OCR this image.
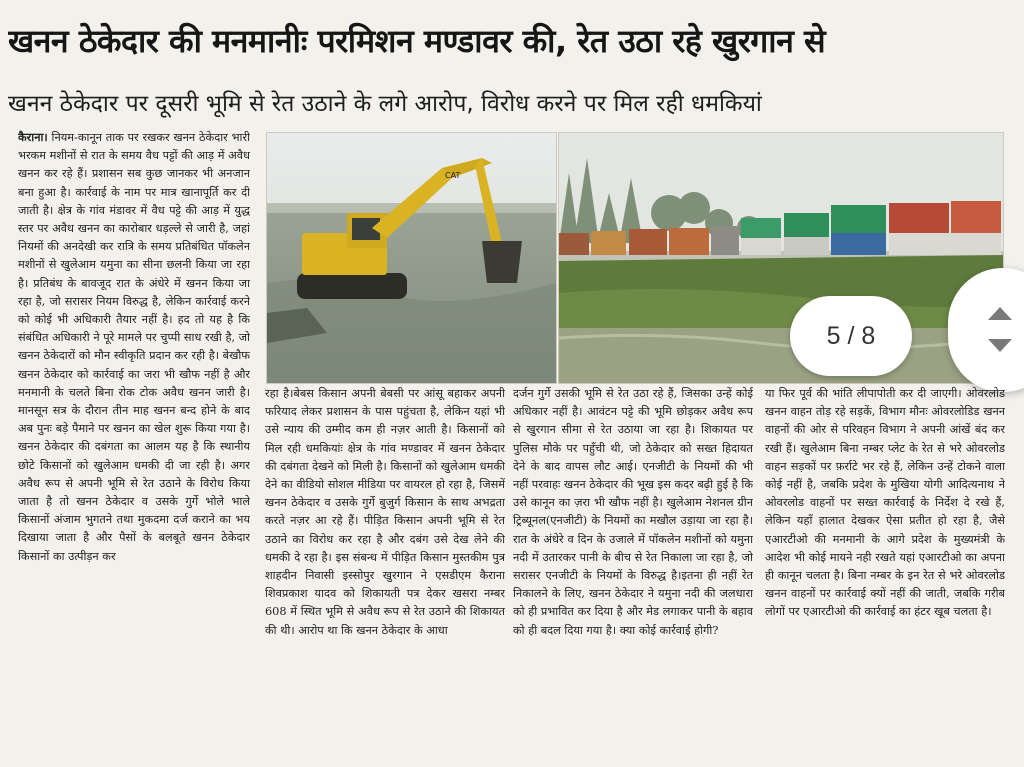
खनन ठेकेदार की मनमानीः परमिशन मण्डावर की, रेत उठा रहे खुरगान से
खनन ठेकेदार पर दूसरी भूमि से रेत उठाने के लगे आरोप, विरोध करने पर मिल रही धमकियां
कैराना। नियम-कानून ताक पर रखकर खनन ठेकेदार भारी भरकम मशीनों से रात के समय वैध पट्टों की आड़ में अवैध खनन कर रहे हैं। प्रशासन सब कुछ जानकर भी अनजान बना हुआ है। कार्रवाई के नाम पर मात्र खानापूर्ति कर दी जाती है। क्षेत्र के गांव मंडावर में वैध पट्टे की आड़ में युद्ध स्तर पर अवैध खनन का कारोबार धड़ल्ले से जारी है, जहां नियमों की अनदेखी कर रात्रि के समय प्रतिबंधित पॉकलेन मशीनों से खुलेआम यमुना का सीना छलनी किया जा रहा है। प्रतिबंध के बावजूद रात के अंधेरे में खनन किया जा रहा है, जो सरासर नियम विरुद्ध है, लेकिन कार्रवाई करने को कोई भी अधिकारी तैयार नहीं है। हद तो यह है कि संबंधित अधिकारी ने पूरे मामले पर चुप्पी साध रखी है, जो खनन ठेकेदारों को मौन स्वीकृति प्रदान कर रही है। बेखौफ खनन ठेकेदार को कार्रवाई का जरा भी खौफ नहीं है और मनमानी के चलते बिना रोक टोक अवैध खनन जारी है। मानसून सत्र के दौरान तीन माह खनन बन्द होने के बाद अब पुनः बड़े पैमाने पर खनन का खेल शुरू किया गया है। खनन ठेकेदार की दबंगता का आलम यह है कि स्थानीय छोटे किसानों को खुलेआम धमकी दी जा रही है। अगर अवैध रूप से अपनी भूमि से रेत उठाने के विरोध किया जाता है तो खनन ठेकेदार व उसके गुर्गे भोले भाले किसानों अंजाम भुगतने तथा मुकदमा दर्ज कराने का भय दिखाया जाता है और पैसों के बलबूते खनन ठेकेदार किसानों का उत्पीड़न कर
CAT
5 / 8
रहा है।बेबस किसान अपनी बेबसी पर आंसू बहाकर अपनी फरियाद लेकर प्रशासन के पास पहुंचता है, लेकिन यहां भी उसे न्याय की उम्मीद कम ही नज़र आती है। किसानों को मिल रही धमकियांः क्षेत्र के गांव मण्डावर में खनन ठेकेदार की दबंगता देखने को मिली है। किसानों को खुलेआम धमकी देने का वीडियो सोशल मीडिया पर वायरल हो रहा है, जिसमें खनन ठेकेदार व उसके गुर्गे बुजुर्ग किसान के साथ अभद्रता करते नज़र आ रहे हैं। पीड़ित किसान अपनी भूमि से रेत उठाने का विरोध कर रहा है और दबंग उसे देख लेने की धमकी दे रहा है। इस संबन्ध में पीड़ित किसान मुस्तकीम पुत्र शाहदीन निवासी इस्सोपुर खुरगान ने एसडीएम कैराना शिवप्रकाश यादव को शिकायती पत्र देकर खसरा नम्बर 608 में स्थित भूमि से अवैध रूप से रेत उठाने की शिकायत की थी। आरोप था कि खनन ठेकेदार के आधा
दर्जन गुर्गे उसकी भूमि से रेत उठा रहे हैं, जिसका उन्हें कोई अधिकार नहीं है। आवंटन पट्टे की भूमि छोड़कर अवैध रूप से खुरगान सीमा से रेत उठाया जा रहा है। शिकायत पर पुलिस मौके पर पहुँची थी, जो ठेकेदार को सख्त हिदायत देने के बाद वापस लौट आई। एनजीटी के नियमों की भी नहीं परवाहः खनन ठेकेदार की भूख इस कदर बढ़ी हुई है कि उसे कानून का ज़रा भी खौफ नहीं है। खुलेआम नेशनल ग्रीन ट्रिब्यूनल(एनजीटी) के नियमों का मखौल उड़ाया जा रहा है। रात के अंधेरे व दिन के उजाले में पॉकलेन मशीनों को यमुना नदी में उतारकर पानी के बीच से रेत निकाला जा रहा है, जो सरासर एनजीटी के नियमों के विरुद्ध है।इतना ही नहीं रेत निकालने के लिए, खनन ठेकेदार ने यमुना नदी की जलधारा को ही प्रभावित कर दिया है और मेड लगाकर पानी के बहाव को ही बदल दिया गया है। क्या कोई कार्रवाई होगी?
या फिर पूर्व की भांति लीपापोती कर दी जाएगी। ओवरलोड खनन वाहन तोड़ रहे सड़कें, विभाग मौनः ओवरलोडिड खनन वाहनों की ओर से परिवहन विभाग ने अपनी आंखें बंद कर रखी हैं। खुलेआम बिना नम्बर प्लेट के रेत से भरे ओवरलोड वाहन सड़कों पर फ़र्राटे भर रहे हैं, लेकिन उन्हें टोकने वाला कोई नहीं है, जबकि प्रदेश के मुखिया योगी आदित्यनाथ ने ओवरलोड वाहनों पर सख्त कार्रवाई के निर्देश दे रखे हैं, लेकिन यहाँ हालात देखकर ऐसा प्रतीत हो रहा है, जैसे एआरटीओ की मनमानी के आगे प्रदेश के मुख्यमंत्री के आदेश भी कोई मायने नही रखते यहां एआरटीओ का अपना ही कानून चलता है। बिना नम्बर के इन रेत से भरे ओवरलोड खनन वाहनों पर कार्रवाई क्यों नहीं की जाती, जबकि गरीब लोगों पर एआरटीओ की कार्रवाई का हंटर खूब चलता है।
